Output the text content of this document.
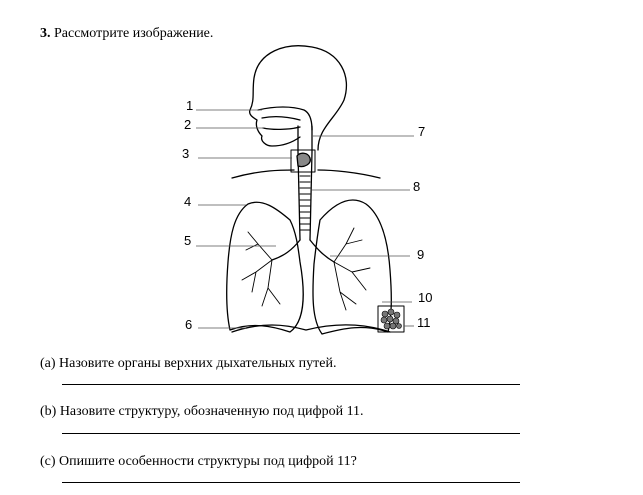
3. Рассмотрите изображение.
1
2
3
4
5
6
7
8
9
10
11
(a) Назовите органы верхних дыхательных путей.
(b) Назовите структуру, обозначенную под цифрой 11.
(c) Опишите особенности структуры под цифрой 11?
